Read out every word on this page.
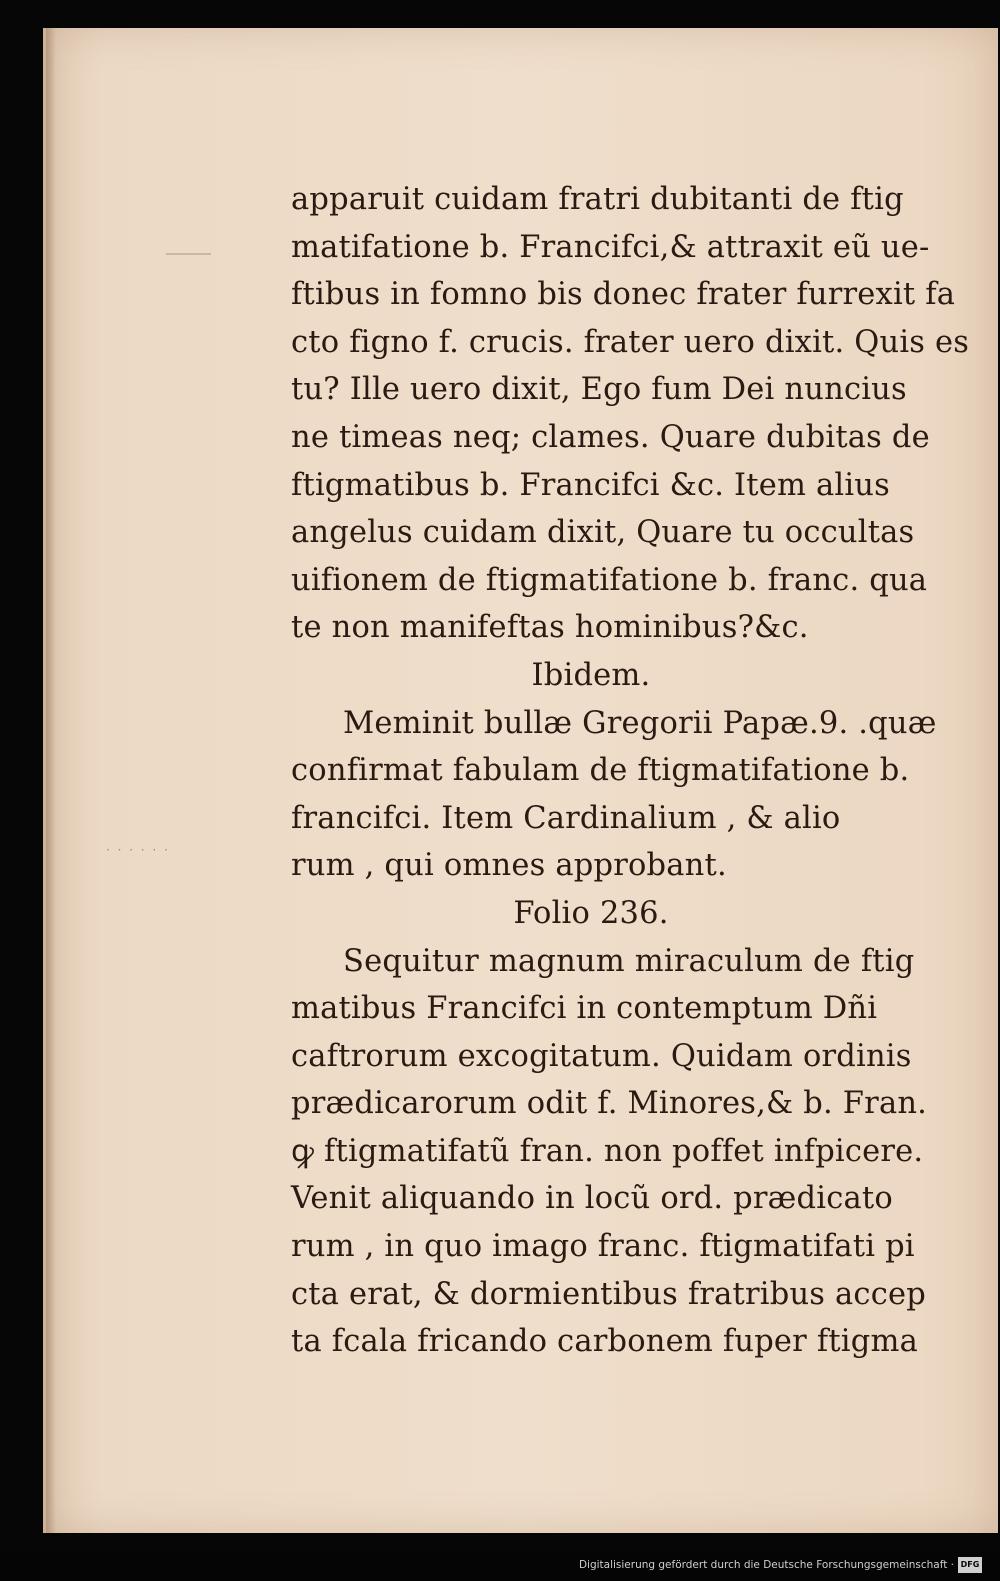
· · · · · ·
apparuit cuidam fratri dubitanti de ftig
matifatione b. Francifci,& attraxit eũ ue-
ftibus in fomno bis donec frater furrexit fa
cto figno f. crucis. frater uero dixit. Quis es
tu? Ille uero dixit, Ego fum Dei nuncius
ne timeas neq; clames. Quare dubitas de
ftigmatibus b. Francifci &c. Item alius
angelus cuidam dixit, Quare tu occultas
uifionem de ftigmatifatione b. franc. qua
te non manifeftas hominibus?&c.
Ibidem.
Meminit bullæ Gregorii Papæ.9. .quæ
confirmat fabulam de ftigmatifatione b.
francifci. Item Cardinalium , & alio
rum , qui omnes approbant.
Folio 236.
Sequitur magnum miraculum de ftig
matibus Francifci in contemptum Dñi
caftrorum excogitatum. Quidam ordinis
prædicarorum odit f. Minores,& b. Fran.
ꝙ ftigmatifatũ fran. non poffet infpicere.
Venit aliquando in locũ ord. prædicato
rum , in quo imago franc. ftigmatifati pi
cta erat, & dormientibus fratribus accep
ta fcala fricando carbonem fuper ftigma
Digitalisierung gefördert durch die Deutsche Forschungsgemeinschaft · DFG
